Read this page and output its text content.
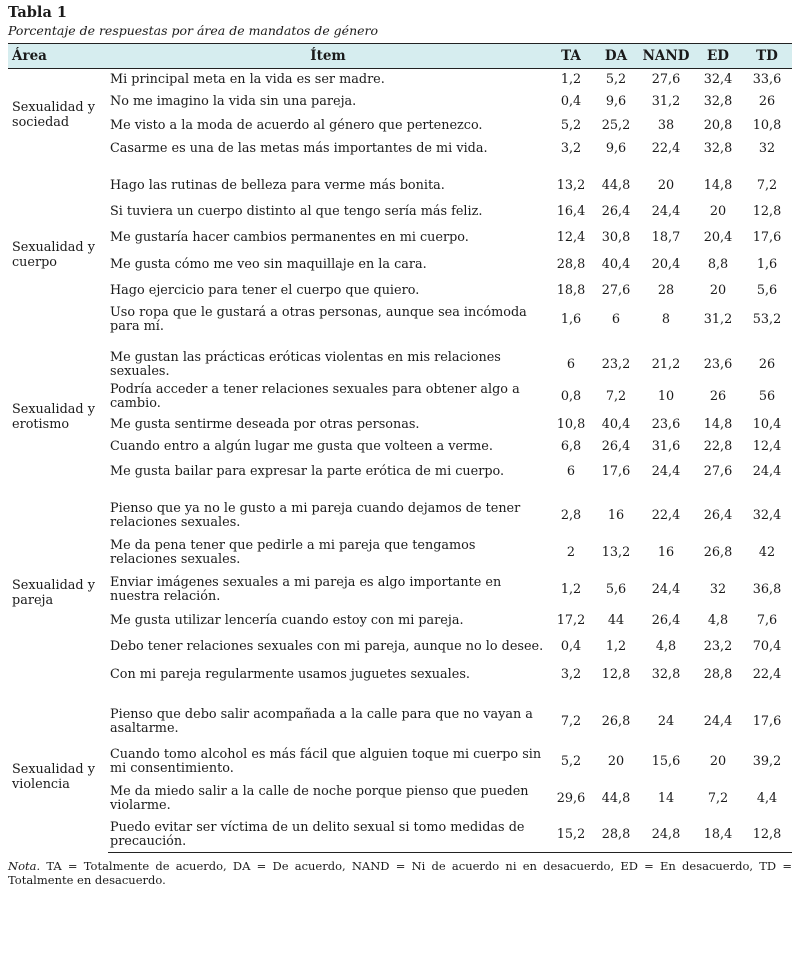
Tabla 1
Porcentaje de respuestas por área de mandatos de género
Área	Ítem	TA	DA	NAND	ED	TD
Sexualidad y sociedad	Mi principal meta en la vida es ser madre.	1,2	5,2	27,6	32,4	33,6
	No me imagino la vida sin una pareja.	0,4	9,6	31,2	32,8	26
	Me visto a la moda de acuerdo al género que pertenezco.	5,2	25,2	38	20,8	10,8
	Casarme es una de las metas más importantes de mi vida.	3,2	9,6	22,4	32,8	32

Sexualidad y cuerpo	Hago las rutinas de belleza para verme más bonita.	13,2	44,8	20	14,8	7,2
	Si tuviera un cuerpo distinto al que tengo sería más feliz.	16,4	26,4	24,4	20	12,8
	Me gustaría hacer cambios permanentes en mi cuerpo.	12,4	30,8	18,7	20,4	17,6
	Me gusta cómo me veo sin maquillaje en la cara.	28,8	40,4	20,4	8,8	1,6
	Hago ejercicio para tener el cuerpo que quiero.	18,8	27,6	28	20	5,6
	Uso ropa que le gustará a otras personas, aunque sea incómoda para mí.	1,6	6	8	31,2	53,2

Sexualidad y erotismo	Me gustan las prácticas eróticas violentas en mis relaciones sexuales.	6	23,2	21,2	23,6	26
	Podría acceder a tener relaciones sexuales para obtener algo a cambio.	0,8	7,2	10	26	56
	Me gusta sentirme deseada por otras personas.	10,8	40,4	23,6	14,8	10,4
	Cuando entro a algún lugar me gusta que volteen a verme.	6,8	26,4	31,6	22,8	12,4
	Me gusta bailar para expresar la parte erótica de mi cuerpo.	6	17,6	24,4	27,6	24,4

Sexualidad y pareja	Pienso que ya no le gusto a mi pareja cuando dejamos de tener relaciones sexuales.	2,8	16	22,4	26,4	32,4
	Me da pena tener que pedirle a mi pareja que tengamos relaciones sexuales.	2	13,2	16	26,8	42
	Enviar imágenes sexuales a mi pareja es algo importante en nuestra relación.	1,2	5,6	24,4	32	36,8
	Me gusta utilizar lencería cuando estoy con mi pareja.	17,2	44	26,4	4,8	7,6
	Debo tener relaciones sexuales con mi pareja, aunque no lo desee.	0,4	1,2	4,8	23,2	70,4
	Con mi pareja regularmente usamos juguetes sexuales.	3,2	12,8	32,8	28,8	22,4

Sexualidad y violencia	Pienso que debo salir acompañada a la calle para que no vayan a asaltarme.	7,2	26,8	24	24,4	17,6
	Cuando tomo alcohol es más fácil que alguien toque mi cuerpo sin mi consentimiento.	5,2	20	15,6	20	39,2
	Me da miedo salir a la calle de noche porque pienso que pueden violarme.	29,6	44,8	14	7,2	4,4
	Puedo evitar ser víctima de un delito sexual si tomo medidas de precaución.	15,2	28,8	24,8	18,4	12,8
Nota. TA = Totalmente de acuerdo, DA = De acuerdo, NAND = Ni de acuerdo ni en desacuerdo, ED = En desacuerdo, TD = Totalmente en desacuerdo.
